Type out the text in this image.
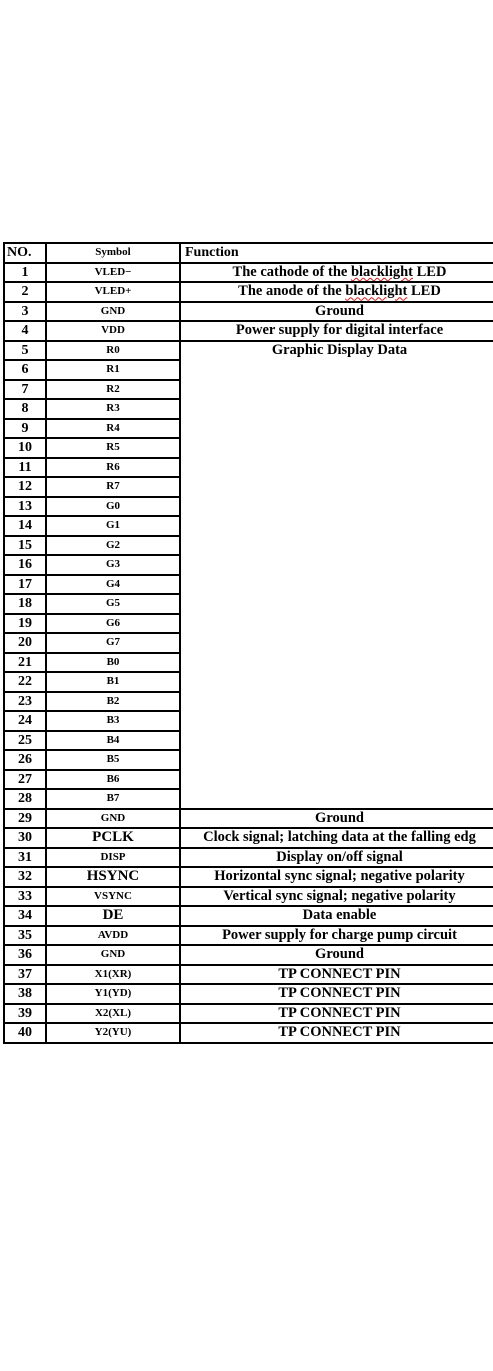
NO.	Symbol	Function
1	VLED−	The cathode of the blacklight LED
2	VLED+	The anode of the blacklight LED
3	GND	Ground
4	VDD	Power supply for digital interface
5	R0	Graphic Display Data
6	R1	
7	R2	
8	R3	
9	R4	
10	R5	
11	R6	
12	R7	
13	G0	
14	G1	
15	G2	
16	G3	
17	G4	
18	G5	
19	G6	
20	G7	
21	B0	
22	B1	
23	B2	
24	B3	
25	B4	
26	B5	
27	B6	
28	B7	
29	GND	Ground
30	PCLK	Clock signal; latching data at the falling edg
31	DISP	Display on/off signal
32	HSYNC	Horizontal sync signal; negative polarity
33	VSYNC	Vertical sync signal; negative polarity
34	DE	Data enable
35	AVDD	Power supply for charge pump circuit
36	GND	Ground
37	X1(XR)	TP CONNECT PIN
38	Y1(YD)	TP CONNECT PIN
39	X2(XL)	TP CONNECT PIN
40	Y2(YU)	TP CONNECT PIN
